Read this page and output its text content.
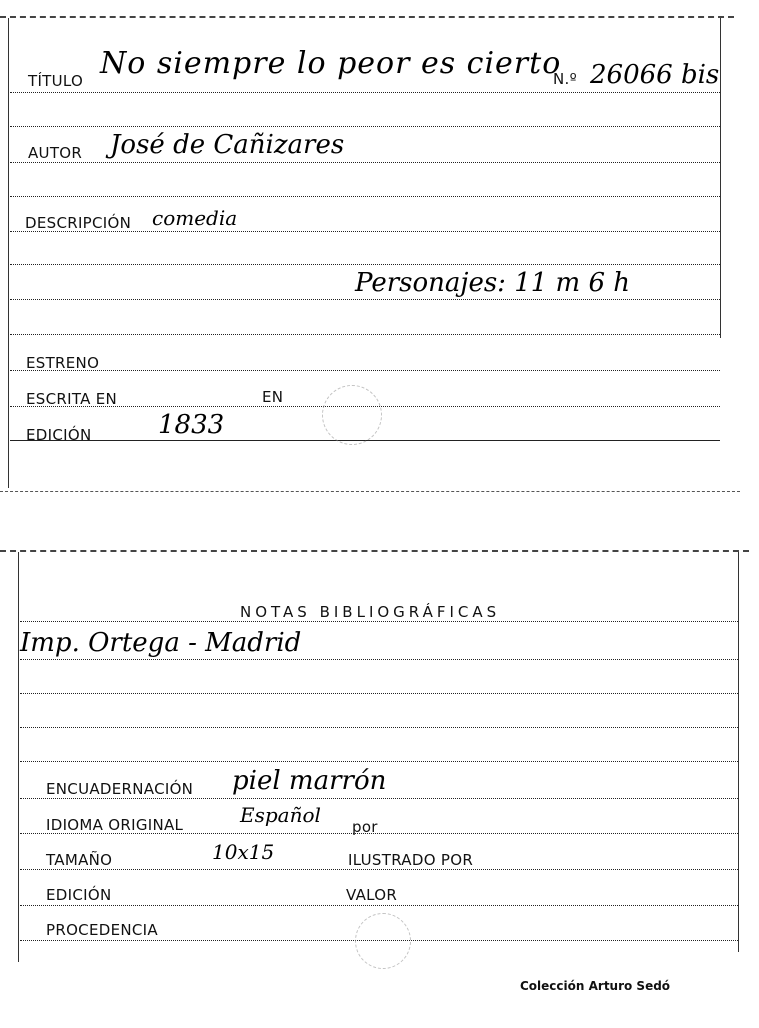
TÍTULO No siempre lo peor es cierto
N.º 26066 bis
AUTOR José de Cañizares
DESCRIPCIÓN comedia
Personajes: 11 m 6 h
ESTRENO
ESCRITA EN	EN
EDICIÓN	1833
NOTAS BIBLIOGRÁFICAS
Imp. Ortega - Madrid
ENCUADERNACIÓN piel marrón
IDIOMA ORIGINAL	Español por
TAMAÑO	10x15	ILUSTRADO POR
EDICIÓN	VALOR
PROCEDENCIA
Colección Arturo Sedó
